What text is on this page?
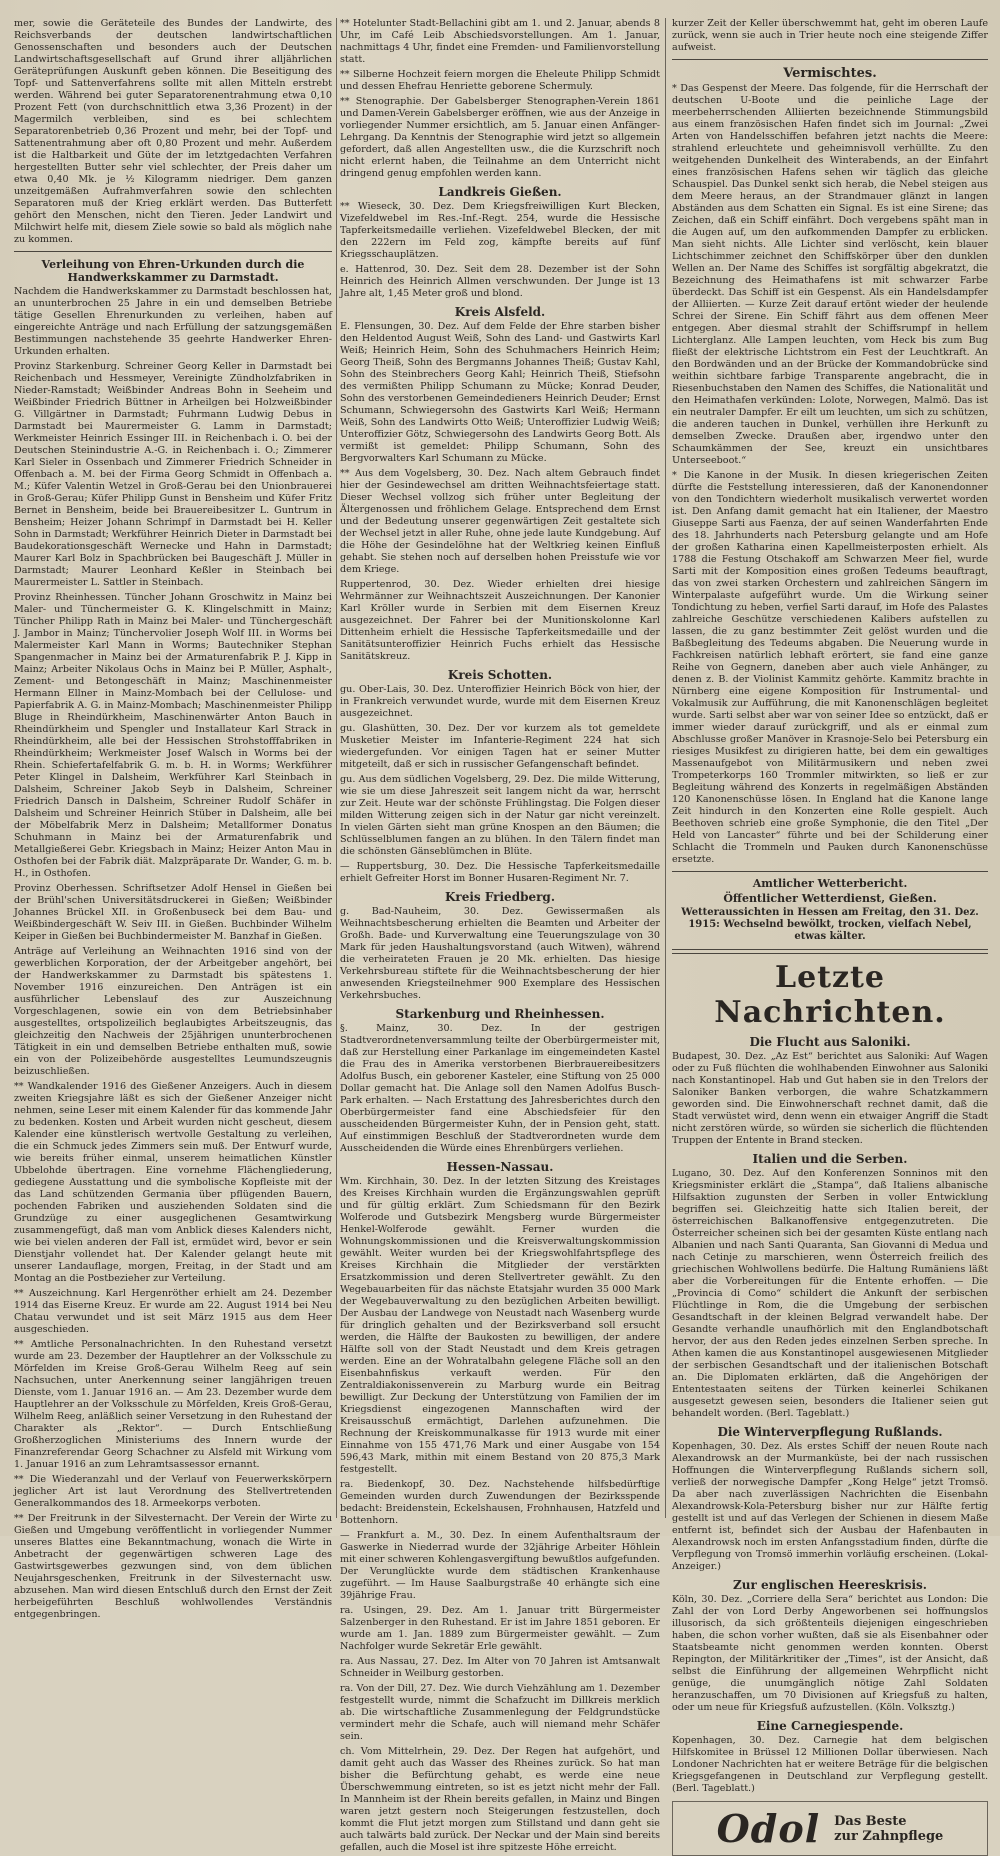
mer, sowie die Geräteteile des Bundes der Landwirte, des Reichsverbands der deutschen landwirtschaftlichen Genossenschaften und besonders auch der Deutschen Landwirtschaftsgesellschaft auf Grund ihrer alljährlichen Geräteprüfungen Auskunft geben können. Die Beseitigung des Topf- und Sattenverfahrens sollte mit allen Mitteln erstrebt werden. Während bei guter Separatorenentrahmung etwa 0,10 Prozent Fett (von durchschnittlich etwa 3,36 Prozent) in der Magermilch verbleiben, sind es bei schlechtem Separatorenbetrieb 0,36 Prozent und mehr, bei der Topf- und Sattenentrahmung aber oft 0,80 Prozent und mehr. Außerdem ist die Haltbarkeit und Güte der im letztgedachten Verfahren hergestellten Butter sehr viel schlechter, der Preis daher um etwa 0,40 Mk. je ½ Kilogramm niedriger. Dem ganzen unzeitgemäßen Aufrahmverfahren sowie den schlechten Separatoren muß der Krieg erklärt werden. Das Butterfett gehört den Menschen, nicht den Tieren. Jeder Landwirt und Milchwirt helfe mit, diesem Ziele sowie so bald als möglich nahe zu kommen.

Verleihung von Ehren-Urkunden durch die Handwerkskammer zu Darmstadt.

Nachdem die Handwerkskammer zu Darmstadt beschlossen hat, an ununterbrochen 25 Jahre in ein und demselben Betriebe tätige Gesellen Ehrenurkunden zu verleihen, haben auf eingereichte Anträge und nach Erfüllung der satzungsgemäßen Bestimmungen nachstehende 35 geehrte Handwerker Ehren-Urkunden erhalten.

Provinz Starkenburg. Schreiner Georg Keller in Darmstadt bei Reichenbach und Hessmeyer, Vereinigte Zündholzfabriken in Nieder-Ramstadt; Weißbinder Andreas Bohn in Seeheim und Weißbinder Friedrich Büttner in Arheilgen bei Holzweißbinder G. Villgärtner in Darmstadt; Fuhrmann Ludwig Debus in Darmstadt bei Maurermeister G. Lamm in Darmstadt; Werkmeister Heinrich Essinger III. in Reichenbach i. O. bei der Deutschen Steinindustrie A.-G. in Reichenbach i. O.; Zimmerer Karl Sieler in Ossenbach und Zimmerer Friedrich Schneider in Offenbach a. M. bei der Firma Georg Schmidt in Offenbach a. M.; Küfer Valentin Wetzel in Groß-Gerau bei den Unionbrauerei in Groß-Gerau; Küfer Philipp Gunst in Bensheim und Küfer Fritz Bernet in Bensheim, beide bei Brauereibesitzer L. Guntrum in Bensheim; Heizer Johann Schrimpf in Darmstadt bei H. Keller Sohn in Darmstadt; Werkführer Heinrich Dieter in Darmstadt bei Baudekorationsgeschäft Wernecke und Hahn in Darmstadt; Maurer Karl Bolz in Spachbrücken bei Baugeschäft J. Müller in Darmstadt; Maurer Leonhard Keßler in Steinbach bei Maurermeister L. Sattler in Steinbach.

Provinz Rheinhessen. Tüncher Johann Groschwitz in Mainz bei Maler- und Tünchermeister G. K. Klingelschmitt in Mainz; Tüncher Philipp Rath in Mainz bei Maler- und Tünchergeschäft J. Jambor in Mainz; Tünchervolier Joseph Wolf III. in Worms bei Malermeister Karl Mann in Worms; Bautechniker Stephan Spangenmacher in Mainz bei der Armaturenfabrik P. J. Kipp in Mainz; Arbeiter Nikolaus Ochs in Mainz bei P. Müller, Asphalt-, Zement- und Betongeschäft in Mainz; Maschinenmeister Hermann Ellner in Mainz-Mombach bei der Cellulose- und Papierfabrik A. G. in Mainz-Mombach; Maschinenmeister Philipp Bluge in Rheindürkheim, Maschinenwärter Anton Bauch in Rheindürkheim und Spengler und Installateur Karl Strack in Rheindürkheim, alle bei der Hessischen Strohstofffabriken in Rheindürkheim; Werkmeister Josef Walsch in Worms bei der Rhein. Schiefertafelfabrik G. m. b. H. in Worms; Werkführer Peter Klingel in Dalsheim, Werkführer Karl Steinbach in Dalsheim, Schreiner Jakob Seyb in Dalsheim, Schreiner Friedrich Dansch in Dalsheim, Schreiner Rudolf Schäfer in Dalsheim und Schreiner Heinrich Stüber in Dalsheim, alle bei der Möbelfabrik Merz in Dalsheim; Metallformer Donatus Schuhmann in Mainz bei der Armaturenfabrik und Metallgießerei Gebr. Kriegsbach in Mainz; Heizer Anton Mau in Osthofen bei der Fabrik diät. Malzpräparate Dr. Wander, G. m. b. H., in Osthofen.

Provinz Oberhessen. Schriftsetzer Adolf Hensel in Gießen bei der Brühl'schen Universitätsdruckerei in Gießen; Weißbinder Johannes Brückel XII. in Großenbuseck bei dem Bau- und Weißbindergeschäft W. Seiv III. in Gießen. Buchbinder Wilhelm Keiper in Gießen bei Buchbindermeister M. Banzhaf in Gießen.

Anträge auf Verleihung an Weihnachten 1916 sind von der gewerblichen Korporation, der der Arbeitgeber angehört, bei der Handwerkskammer zu Darmstadt bis spätestens 1. November 1916 einzureichen. Den Anträgen ist ein ausführlicher Lebenslauf des zur Auszeichnung Vorgeschlagenen, sowie ein von dem Betriebsinhaber ausgestelltes, ortspolizeilich beglaubigtes Arbeitszeugnis, das gleichzeitig den Nachweis der 25jährigen ununterbrochenen Tätigkeit in ein und demselben Betriebe enthalten muß, sowie ein von der Polizeibehörde ausgestelltes Leumundszeugnis beizuschließen.

** Wandkalender 1916 des Gießener Anzeigers. Auch in diesem zweiten Kriegsjahre läßt es sich der Gießener Anzeiger nicht nehmen, seine Leser mit einem Kalender für das kommende Jahr zu bedenken. Kosten und Arbeit wurden nicht gescheut, diesem Kalender eine künstlerisch wertvolle Gestaltung zu verleihen, die ein Schmuck jedes Zimmers sein muß. Der Entwurf wurde, wie bereits früher einmal, unserem heimatlichen Künstler Ubbelohde übertragen. Eine vornehme Flächengliederung, gediegene Ausstattung und die symbolische Kopfleiste mit der das Land schützenden Germania über pflügenden Bauern, pochenden Fabriken und ausziehenden Soldaten sind die Grundzüge zu einer ausgeglichenen Gesamtwirkung zusammengefügt, daß man vom Anblick dieses Kalenders nicht, wie bei vielen anderen der Fall ist, ermüdet wird, bevor er sein Dienstjahr vollendet hat. Der Kalender gelangt heute mit unserer Landauflage, morgen, Freitag, in der Stadt und am Montag an die Postbezieher zur Verteilung.

** Auszeichnung. Karl Hergenröther erhielt am 24. Dezember 1914 das Eiserne Kreuz. Er wurde am 22. August 1914 bei Neu Chatau verwundet und ist seit März 1915 aus dem Heer ausgeschieden.

** Amtliche Personalnachrichten. In den Ruhestand versetzt wurde am 23. Dezember der Hauptlehrer an der Volksschule zu Mörfelden im Kreise Groß-Gerau Wilhelm Reeg auf sein Nachsuchen, unter Anerkennung seiner langjährigen treuen Dienste, vom 1. Januar 1916 an. — Am 23. Dezember wurde dem Hauptlehrer an der Volksschule zu Mörfelden, Kreis Groß-Gerau, Wilhelm Reeg, anläßlich seiner Versetzung in den Ruhestand der Charakter als „Rektor“. — Durch Entschließung Großherzoglichen Ministeriums des Innern wurde der Finanzreferendar Georg Schachner zu Alsfeld mit Wirkung vom 1. Januar 1916 an zum Lehramtsassessor ernannt.

** Die Wiederanzahl und der Verlauf von Feuerwerkskörpern jeglicher Art ist laut Verordnung des Stellvertretenden Generalkommandos des 18. Armeekorps verboten.

** Der Freitrunk in der Silvesternacht. Der Verein der Wirte zu Gießen und Umgebung veröffentlicht in vorliegender Nummer unseres Blattes eine Bekanntmachung, wonach die Wirte in Anbetracht der gegenwärtigen schweren Lage des Gastwirtsgewerbes gezwungen sind, von dem üblichen Neujahrsgeschenken, Freitrunk in der Silvesternacht usw. abzusehen. Man wird diesen Entschluß durch den Ernst der Zeit herbeigeführten Beschluß wohlwollendes Verständnis entgegenbringen.

** Hotelunter Stadt-Bellachini gibt am 1. und 2. Januar, abends 8 Uhr, im Café Leib Abschiedsvorstellungen. Am 1. Januar, nachmittags 4 Uhr, findet eine Fremden- und Familienvorstellung statt.

** Silberne Hochzeit feiern morgen die Eheleute Philipp Schmidt und dessen Ehefrau Henriette geborene Schermuly.

** Stenographie. Der Gabelsberger Stenographen-Verein 1861 und Damen-Verein Gabelsberger eröffnen, wie aus der Anzeige in vorliegender Nummer ersichtlich, am 5. Januar einen Anfänger-Lehrgang. Da Kenntnis der Stenographie wird jetzt so allgemein gefordert, daß allen Angestellten usw., die die Kurzschrift noch nicht erlernt haben, die Teilnahme an dem Unterricht nicht dringend genug empfohlen werden kann.

Landkreis Gießen.

** Wieseck, 30. Dez. Dem Kriegsfreiwilligen Kurt Blecken, Vizefeldwebel im Res.-Inf.-Regt. 254, wurde die Hessische Tapferkeitsmedaille verliehen. Vizefeldwebel Blecken, der mit den 222ern im Feld zog, kämpfte bereits auf fünf Kriegsschauplätzen.

e. Hattenrod, 30. Dez. Seit dem 28. Dezember ist der Sohn Heinrich des Heinrich Allmen verschwunden. Der Junge ist 13 Jahre alt, 1,45 Meter groß und blond.

Kreis Alsfeld.

E. Flensungen, 30. Dez. Auf dem Felde der Ehre starben bisher den Heldentod August Weiß, Sohn des Land- und Gastwirts Karl Weiß; Heinrich Heim, Sohn des Schuhmachers Heinrich Heim; Georg Theiß, Sohn des Bergmanns Johannes Theiß; Gustav Kahl, Sohn des Steinbrechers Georg Kahl; Heinrich Theiß, Stiefsohn des vermißten Philipp Schumann zu Mücke; Konrad Deuder, Sohn des verstorbenen Gemeindedieners Heinrich Deuder; Ernst Schumann, Schwiegersohn des Gastwirts Karl Weiß; Hermann Weiß, Sohn des Landwirts Otto Weiß; Unteroffizier Ludwig Weiß; Unteroffizier Götz, Schwiegersohn des Landwirts Georg Bott. Als vermißt ist gemeldet: Philipp Schumann, Sohn des Bergvorwalters Karl Schumann zu Mücke.

** Aus dem Vogelsberg, 30. Dez. Nach altem Gebrauch findet hier der Gesindewechsel am dritten Weihnachtsfeiertage statt. Dieser Wechsel vollzog sich früher unter Begleitung der Ältergenossen und fröhlichem Gelage. Entsprechend dem Ernst und der Bedeutung unserer gegenwärtigen Zeit gestaltete sich der Wechsel jetzt in aller Ruhe, ohne jede laute Kundgebung. Auf die Höhe der Gesindelöhne hat der Weltkrieg keinen Einfluß gehabt. Sie stehen noch auf derselben hohen Preisstufe wie vor dem Kriege.

Ruppertenrod, 30. Dez. Wieder erhielten drei hiesige Wehrmänner zur Weihnachtszeit Auszeichnungen. Der Kanonier Karl Kröller wurde in Serbien mit dem Eisernen Kreuz ausgezeichnet. Der Fahrer bei der Munitionskolonne Karl Dittenheim erhielt die Hessische Tapferkeitsmedaille und der Sanitätsunteroffizier Heinrich Fuchs erhielt das Hessische Sanitätskreuz.

Kreis Schotten.

gu. Ober-Lais, 30. Dez. Unteroffizier Heinrich Böck von hier, der in Frankreich verwundet wurde, wurde mit dem Eisernen Kreuz ausgezeichnet.

gu. Glashütten, 30. Dez. Der vor kurzem als tot gemeldete Musketier Meister im Infanterie-Regiment 224 hat sich wiedergefunden. Vor einigen Tagen hat er seiner Mutter mitgeteilt, daß er sich in russischer Gefangenschaft befindet.

gu. Aus dem südlichen Vogelsberg, 29. Dez. Die milde Witterung, wie sie um diese Jahreszeit seit langem nicht da war, herrscht zur Zeit. Heute war der schönste Frühlingstag. Die Folgen dieser milden Witterung zeigen sich in der Natur gar nicht vereinzelt. In vielen Gärten sieht man grüne Knospen an den Bäumen; die Schlüsselblumen fangen an zu blühen. In den Tälern findet man die schönsten Gänseblümchen in Blüte.

— Ruppertsburg, 30. Dez. Die Hessische Tapferkeitsmedaille erhielt Gefreiter Horst im Bonner Husaren-Regiment Nr. 7.

Kreis Friedberg.

g. Bad-Nauheim, 30. Dez. Gewissermaßen als Weihnachtsbescherung erhielten die Beamten und Arbeiter der Großh. Bade- und Kurverwaltung eine Teuerungszulage von 30 Mark für jeden Haushaltungsvorstand (auch Witwen), während die verheirateten Frauen je 20 Mk. erhielten. Das hiesige Verkehrsbureau stiftete für die Weihnachtsbescherung der hier anwesenden Kriegsteilnehmer 900 Exemplare des Hessischen Verkehrsbuches.

Starkenburg und Rheinhessen.

§. Mainz, 30. Dez. In der gestrigen Stadtverordnetenversammlung teilte der Oberbürgermeister mit, daß zur Herstellung einer Parkanlage im eingemeindeten Kastel die Frau des in Amerika verstorbenen Bierbrauereibesitzers Adolfus Busch, ein geborener Kasteler, eine Stiftung von 25 000 Dollar gemacht hat. Die Anlage soll den Namen Adolfus Busch-Park erhalten. — Nach Erstattung des Jahresberichtes durch den Oberbürgermeister fand eine Abschiedsfeier für den ausscheidenden Bürgermeister Kuhn, der in Pension geht, statt. Auf einstimmigen Beschluß der Stadtverordneten wurde dem Ausscheidenden die Würde eines Ehrenbürgers verliehen.

Hessen-Nassau.

Wm. Kirchhain, 30. Dez. In der letzten Sitzung des Kreistages des Kreises Kirchhain wurden die Ergänzungswahlen geprüft und für gültig erklärt. Zum Schiedsmann für den Bezirk Wolferode und Gutsbezirk Mengsberg wurde Bürgermeister Henkel-Wolferode gewählt. Ferner wurden die Wohnungskommissionen und die Kreisverwaltungskommission gewählt. Weiter wurden bei der Kriegswohlfahrtspflege des Kreises Kirchhain die Mitglieder der verstärkten Ersatzkommission und deren Stellvertreter gewählt. Zu den Wegebauarbeiten für das nächste Etatsjahr wurden 35 000 Mark der Wegebauverwaltung zu den bezüglichen Arbeiten bewilligt. Der Ausbau der Landwege von Neustadt nach Wasenberg wurde für dringlich gehalten und der Bezirksverband soll ersucht werden, die Hälfte der Baukosten zu bewilligen, der andere Hälfte soll von der Stadt Neustadt und dem Kreis getragen werden. Eine an der Wohratalbahn gelegene Fläche soll an den Eisenbahnfiskus verkauft werden. Für den Zentraldiakonissenverein zu Marburg wurde ein Beitrag bewilligt. Zur Deckung der Unterstützung von Familien der im Kriegsdienst eingezogenen Mannschaften wird der Kreisausschuß ermächtigt, Darlehen aufzunehmen. Die Rechnung der Kreiskommunalkasse für 1913 wurde mit einer Einnahme von 155 471,76 Mark und einer Ausgabe von 154 596,43 Mark, mithin mit einem Bestand von 20 875,3 Mark festgestellt.

ra. Biedenkopf, 30. Dez. Nachstehende hilfsbedürftige Gemeinden wurden durch Zuwendungen der Bezirksspende bedacht: Breidenstein, Eckelshausen, Frohnhausen, Hatzfeld und Bottenhorn.

— Frankfurt a. M., 30. Dez. In einem Aufenthaltsraum der Gaswerke in Niederrad wurde der 32jährige Arbeiter Höhlein mit einer schweren Kohlengasvergiftung bewußtlos aufgefunden. Der Verunglückte wurde dem städtischen Krankenhause zugeführt. — Im Hause Saalburgstraße 40 erhängte sich eine 39jährige Frau.

ra. Usingen, 29. Dez. Am 1. Januar tritt Bürgermeister Salzenberger in den Ruhestand. Er ist im Jahre 1851 geboren. Er wurde am 1. Jan. 1889 zum Bürgermeister gewählt. — Zum Nachfolger wurde Sekretär Erle gewählt.

ra. Aus Nassau, 27. Dez. Im Alter von 70 Jahren ist Amtsanwalt Schneider in Weilburg gestorben.

ra. Von der Dill, 27. Dez. Wie durch Viehzählung am 1. Dezember festgestellt wurde, nimmt die Schafzucht im Dillkreis merklich ab. Die wirtschaftliche Zusammenlegung der Feldgrundstücke vermindert mehr die Schafe, auch will niemand mehr Schäfer sein.

ch. Vom Mittelrhein, 29. Dez. Der Regen hat aufgehört, und damit geht auch das Wasser des Rheines zurück. So hat man bisher die Befürchtung gehabt, es werde eine neue Überschwemmung eintreten, so ist es jetzt nicht mehr der Fall. In Mannheim ist der Rhein bereits gefallen, in Mainz und Bingen waren jetzt gestern noch Steigerungen festzustellen, doch kommt die Flut jetzt morgen zum Stillstand und dann geht sie auch talwärts bald zurück. Der Neckar und der Main sind bereits gefallen, auch die Mosel ist ihre spitzeste Höhe erreicht.

kurzer Zeit der Keller überschwemmt hat, geht im oberen Laufe zurück, wenn sie auch in Trier heute noch eine steigende Ziffer aufweist.

Vermischtes.

* Das Gespenst der Meere. Das folgende, für die Herrschaft der deutschen U-Boote und die peinliche Lage der meerbeherrschenden Alliierten bezeichnende Stimmungsbild aus einem französischen Hafen findet sich im Journal: „Zwei Arten von Handelsschiffen befahren jetzt nachts die Meere: strahlend erleuchtete und geheimnisvoll verhüllte. Zu den weitgehenden Dunkelheit des Winterabends, an der Einfahrt eines französischen Hafens sehen wir täglich das gleiche Schauspiel. Das Dunkel senkt sich herab, die Nebel steigen aus dem Meere heraus, an der Strandmauer glänzt in langen Abständen aus dem Schatten ein Signal. Es ist eine Sirene; das Zeichen, daß ein Schiff einfährt. Doch vergebens späht man in die Augen auf, um den aufkommenden Dampfer zu erblicken. Man sieht nichts. Alle Lichter sind verlöscht, kein blauer Lichtschimmer zeichnet den Schiffskörper über den dunklen Wellen an. Der Name des Schiffes ist sorgfältig abgekratzt, die Bezeichnung des Heimathafens ist mit schwarzer Farbe überdeckt. Das Schiff ist ein Gespenst. Als ein Handelsdampfer der Alliierten. — Kurze Zeit darauf ertönt wieder der heulende Schrei der Sirene. Ein Schiff fährt aus dem offenen Meer entgegen. Aber diesmal strahlt der Schiffsrumpf in hellem Lichterglanz. Alle Lampen leuchten, vom Heck bis zum Bug fließt der elektrische Lichtstrom ein Fest der Leuchtkraft. An den Bordwänden und an der Brücke der Kommandobrücke sind weithin sichtbare farbige Transparente angebracht, die in Riesenbuchstaben den Namen des Schiffes, die Nationalität und den Heimathafen verkünden: Lolote, Norwegen, Malmö. Das ist ein neutraler Dampfer. Er eilt um leuchten, um sich zu schützen, die anderen tauchen in Dunkel, verhüllen ihre Herkunft zu demselben Zwecke. Draußen aber, irgendwo unter den Schaumkämmen der See, kreuzt ein unsichtbares Unterseeboot.“

* Die Kanone in der Musik. In diesen kriegerischen Zeiten dürfte die Feststellung interessieren, daß der Kanonendonner von den Tondichtern wiederholt musikalisch verwertet worden ist. Den Anfang damit gemacht hat ein Italiener, der Maestro Giuseppe Sarti aus Faenza, der auf seinen Wanderfahrten Ende des 18. Jahrhunderts nach Petersburg gelangte und am Hofe der großen Katharina einen Kapellmeisterposten erhielt. Als 1788 die Festung Otschakoff am Schwarzen Meer fiel, wurde Sarti mit der Komposition eines großen Tedeums beauftragt, das von zwei starken Orchestern und zahlreichen Sängern im Winterpalaste aufgeführt wurde. Um die Wirkung seiner Tondichtung zu heben, verfiel Sarti darauf, im Hofe des Palastes zahlreiche Geschütze verschiedenen Kalibers aufstellen zu lassen, die zu ganz bestimmter Zeit gelöst wurden und die Baßbegleitung des Tedeums abgaben. Die Neuerung wurde in Fachkreisen natürlich lebhaft erörtert, sie fand eine ganze Reihe von Gegnern, daneben aber auch viele Anhänger, zu denen z. B. der Violinist Kammitz gehörte. Kammitz brachte in Nürnberg eine eigene Komposition für Instrumental- und Vokalmusik zur Aufführung, die mit Kanonenschlägen begleitet wurde. Sarti selbst aber war von seiner Idee so entzückt, daß er immer wieder darauf zurückgriff, und als er einmal zum Abschlusse großer Manöver in Krasnoje-Selo bei Petersburg ein riesiges Musikfest zu dirigieren hatte, bei dem ein gewaltiges Massenaufgebot von Militärmusikern und neben zwei Trompeterkorps 160 Trommler mitwirkten, so ließ er zur Begleitung während des Konzerts in regelmäßigen Abständen 120 Kanonenschüsse lösen. In England hat die Kanone lange Zeit hindurch in den Konzerten eine Rolle gespielt. Auch Beethoven schrieb eine große Symphonie, die den Titel „Der Held von Lancaster“ führte und bei der Schilderung einer Schlacht die Trommeln und Pauken durch Kanonenschüsse ersetzte.

Amtlicher Wetterbericht.
Öffentlicher Wetterdienst, Gießen.
Wetteraussichten in Hessen am Freitag, den 31. Dez. 1915: Wechselnd bewölkt, trocken, vielfach Nebel, etwas kälter.
Letzte Nachrichten.
Die Flucht aus Saloniki.

Budapest, 30. Dez. „Az Est“ berichtet aus Saloniki: Auf Wagen oder zu Fuß flüchten die wohlhabenden Einwohner aus Saloniki nach Konstantinopel. Hab und Gut haben sie in den Trelors der Saloniker Banken verborgen, die wahre Schatzkammern geworden sind. Die Einwohnerschaft rechnet damit, daß die Stadt verwüstet wird, denn wenn ein etwaiger Angriff die Stadt nicht zerstören würde, so würden sie sicherlich die flüchtenden Truppen der Entente in Brand stecken.

Italien und die Serben.

Lugano, 30. Dez. Auf den Konferenzen Sonninos mit den Kriegsminister erklärt die „Stampa“, daß Italiens albanische Hilfsaktion zugunsten der Serben in voller Entwicklung begriffen sei. Gleichzeitig hatte sich Italien bereit, der österreichischen Balkanoffensive entgegenzutreten. Die Österreicher scheinen sich bei der gesamten Küste entlang nach Albanien und nach Santi Quaranta, San Giovanni di Medua und nach Cetinje zu marschieren, wenn Österreich freilich des griechischen Wohlwollens bedürfe. Die Haltung Rumäniens läßt aber die Vorbereitungen für die Entente erhoffen. — Die „Provincia di Como“ schildert die Ankunft der serbischen Flüchtlinge in Rom, die die Umgebung der serbischen Gesandtschaft in der kleinen Belgrad verwandelt habe. Der Gesandte verhandle unaufhörlich mit den Englandbotschaft hervor, der aus den Reden jedes einzelnen Serben spreche. In Athen kamen die aus Konstantinopel ausgewiesenen Mitglieder der serbischen Gesandtschaft und der italienischen Botschaft an. Die Diplomaten erklärten, daß die Angehörigen der Ententestaaten seitens der Türken keinerlei Schikanen ausgesetzt gewesen seien, besonders die Italiener seien gut behandelt worden. (Berl. Tageblatt.)

Die Winterverpflegung Rußlands.

Kopenhagen, 30. Dez. Als erstes Schiff der neuen Route nach Alexandrowsk an der Murmanküste, bei der nach russischen Hoffnungen die Winterverpflegung Rußlands sichern soll, verließ der norwegische Dampfer „Kong Helge“ jetzt Tromsö. Da aber nach zuverlässigen Nachrichten die Eisenbahn Alexandrowsk-Kola-Petersburg bisher nur zur Hälfte fertig gestellt ist und auf das Verlegen der Schienen in diesem Maße entfernt ist, befindet sich der Ausbau der Hafenbauten in Alexandrowsk noch im ersten Anfangsstadium finden, dürfte die Verpflegung von Tromsö immerhin vorläufig erscheinen. (Lokal-Anzeiger.)

Zur englischen Heereskrisis.

Köln, 30. Dez. „Corriere della Sera“ berichtet aus London: Die Zahl der von Lord Derby Angeworbenen sei hoffnungslos illusorisch, da sich größtenteils diejenigen eingeschrieben haben, die schon vorher wußten, daß sie als Eisenbahner oder Staatsbeamte nicht genommen werden konnten. Oberst Repington, der Militärkritiker der „Times“, ist der Ansicht, daß selbst die Einführung der allgemeinen Wehrpflicht nicht genüge, die unumgänglich nötige Zahl Soldaten heranzuschaffen, um 70 Divisionen auf Kriegsfuß zu halten, oder um neue für Kriegsfuß aufzustellen. (Köln. Volksztg.)

Eine Carnegiespende.

Kopenhagen, 30. Dez. Carnegie hat dem belgischen Hilfskomitee in Brüssel 12 Millionen Dollar überwiesen. Nach Londoner Nachrichten hat er weitere Beträge für die belgischen Kriegsgefangenen in Deutschland zur Verpflegung gestellt. (Berl. Tageblatt.)

Odol Das Beste
zur Zahnpflege
